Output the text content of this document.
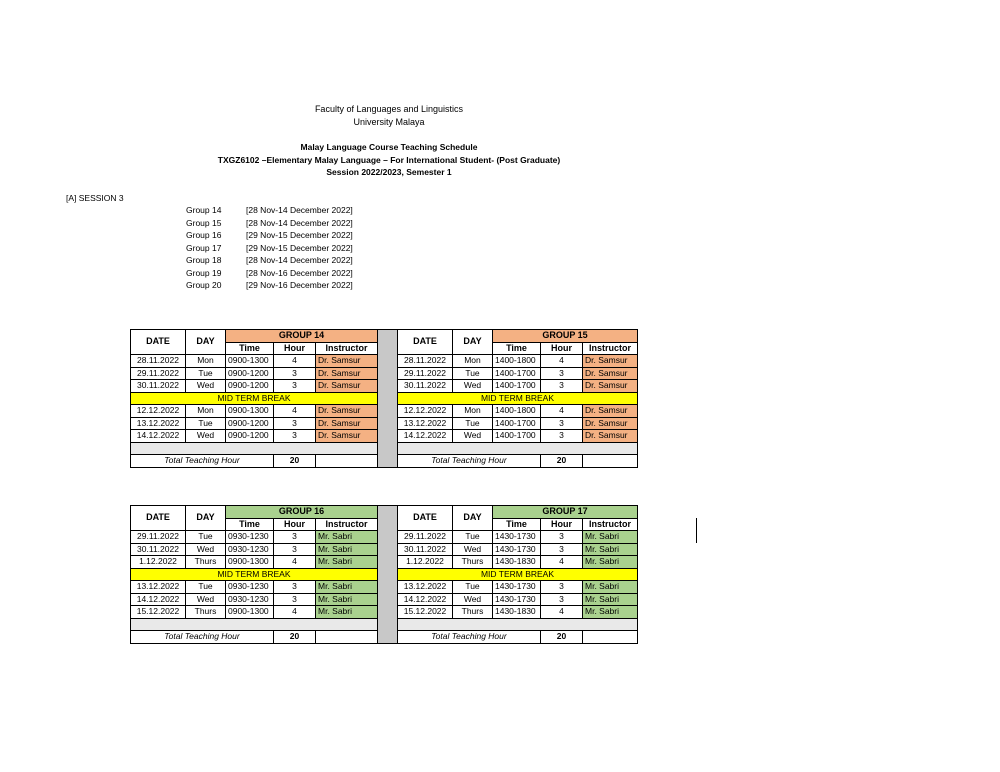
Faculty of Languages and Linguistics
University Malaya
Malay Language Course Teaching Schedule
TXGZ6102 –Elementary Malay Language – For International Student- (Post Graduate)
Session 2022/2023, Semester 1
[A] SESSION 3
Group 14	[28 Nov-14 December 2022]
Group 15	[28 Nov-14 December 2022]
Group 16	[29 Nov-15 December 2022]
Group 17	[29 Nov-15 December 2022]
Group 18	[28 Nov-14 December 2022]
Group 19	[28 Nov-16 December 2022]
Group 20	[29 Nov-16 December 2022]
DATE	DAY	GROUP 14				DATE	DAY	GROUP 15		
		Time	Hour	Instructor				Time	Hour	Instructor
28.11.2022	Mon	0900-1300	4	Dr. Samsur		28.11.2022	Mon	1400-1800	4	Dr. Samsur
29.11.2022	Tue	0900-1200	3	Dr. Samsur		29.11.2022	Tue	1400-1700	3	Dr. Samsur
30.11.2022	Wed	0900-1200	3	Dr. Samsur		30.11.2022	Wed	1400-1700	3	Dr. Samsur
MID TERM BREAK						MID TERM BREAK				
12.12.2022	Mon	0900-1300	4	Dr. Samsur		12.12.2022	Mon	1400-1800	4	Dr. Samsur
13.12.2022	Tue	0900-1200	3	Dr. Samsur		13.12.2022	Tue	1400-1700	3	Dr. Samsur
14.12.2022	Wed	0900-1200	3	Dr. Samsur		14.12.2022	Wed	1400-1700	3	Dr. Samsur

Total Teaching Hour			20			Total Teaching Hour			20	
DATE	DAY	GROUP 16				DATE	DAY	GROUP 17		
		Time	Hour	Instructor				Time	Hour	Instructor
29.11.2022	Tue	0930-1230	3	Mr. Sabri		29.11.2022	Tue	1430-1730	3	Mr. Sabri
30.11.2022	Wed	0930-1230	3	Mr. Sabri		30.11.2022	Wed	1430-1730	3	Mr. Sabri
1.12.2022	Thurs	0900-1300	4	Mr. Sabri		1.12.2022	Thurs	1430-1830	4	Mr. Sabri
MID TERM BREAK						MID TERM BREAK				
13.12.2022	Tue	0930-1230	3	Mr. Sabri		13.12.2022	Tue	1430-1730	3	Mr. Sabri
14.12.2022	Wed	0930-1230	3	Mr. Sabri		14.12.2022	Wed	1430-1730	3	Mr. Sabri
15.12.2022	Thurs	0900-1300	4	Mr. Sabri		15.12.2022	Thurs	1430-1830	4	Mr. Sabri

Total Teaching Hour			20			Total Teaching Hour			20	
